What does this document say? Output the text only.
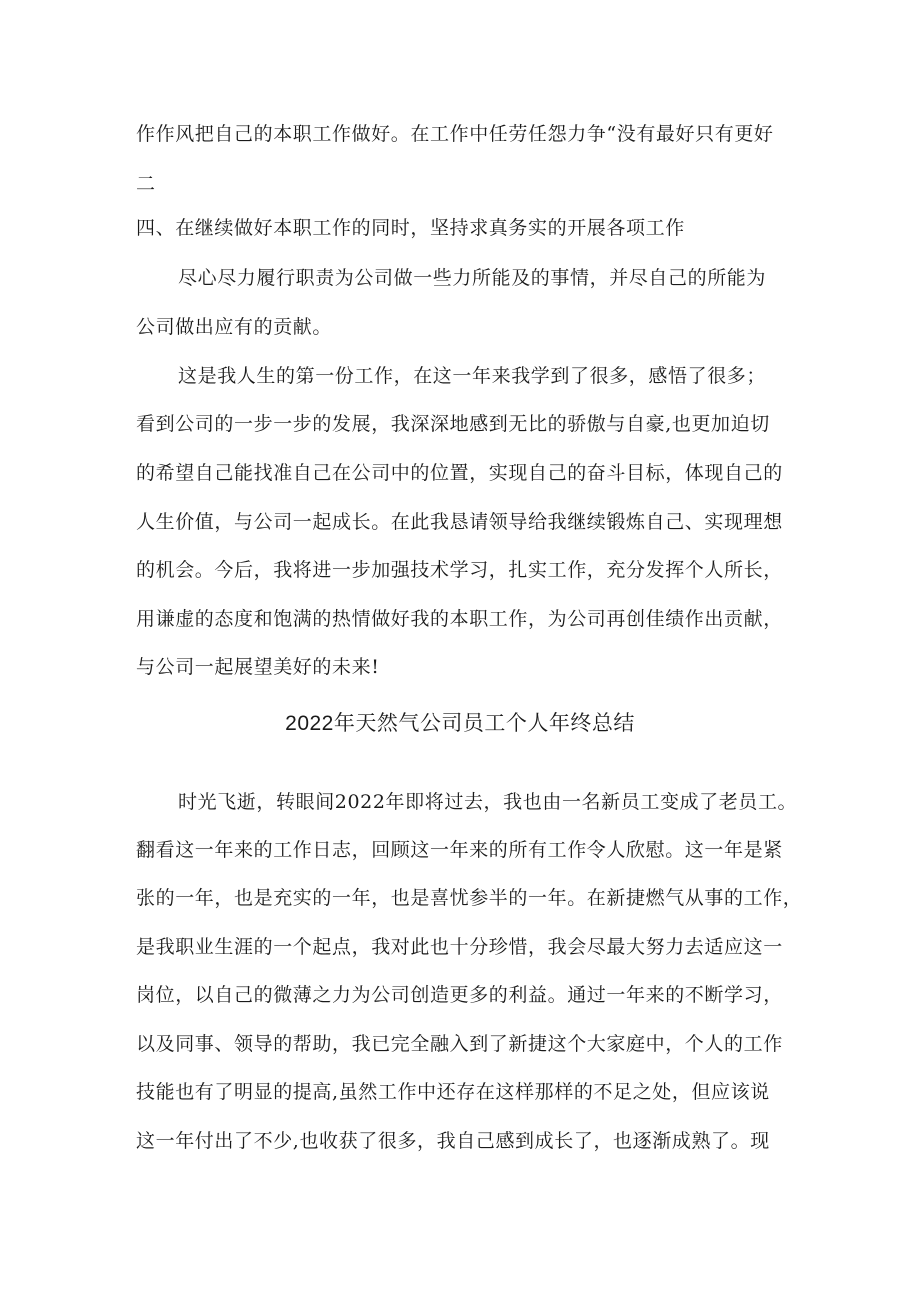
作作风把自己的本职工作做好。在工作中任劳任怨力争“没有最好只有更好
二
四、在继续做好本职工作的同时，坚持求真务实的开展各项工作
尽心尽力履行职责为公司做一些力所能及的事情，并尽自己的所能为
公司做出应有的贡献。
这是我人生的第一份工作，在这一年来我学到了很多，感悟了很多；
看到公司的一步一步的发展，我深深地感到无比的骄傲与自豪,也更加迫切
的希望自己能找准自己在公司中的位置，实现自己的奋斗目标，体现自己的
人生价值，与公司一起成长。在此我恳请领导给我继续锻炼自己、实现理想
的机会。今后，我将进一步加强技术学习，扎实工作，充分发挥个人所长，
用谦虚的态度和饱满的热情做好我的本职工作，为公司再创佳绩作出贡献，
与公司一起展望美好的未来!
2022年天然气公司员工个人年终总结
时光飞逝，转眼间2022年即将过去，我也由一名新员工变成了老员工。
翻看这一年来的工作日志，回顾这一年来的所有工作令人欣慰。这一年是紧
张的一年，也是充实的一年，也是喜忧参半的一年。在新捷燃气从事的工作，
是我职业生涯的一个起点，我对此也十分珍惜，我会尽最大努力去适应这一
岗位，以自己的微薄之力为公司创造更多的利益。通过一年来的不断学习，
以及同事、领导的帮助，我已完全融入到了新捷这个大家庭中，个人的工作
技能也有了明显的提高,虽然工作中还存在这样那样的不足之处，但应该说
这一年付出了不少,也收获了很多，我自己感到成长了，也逐渐成熟了。现
